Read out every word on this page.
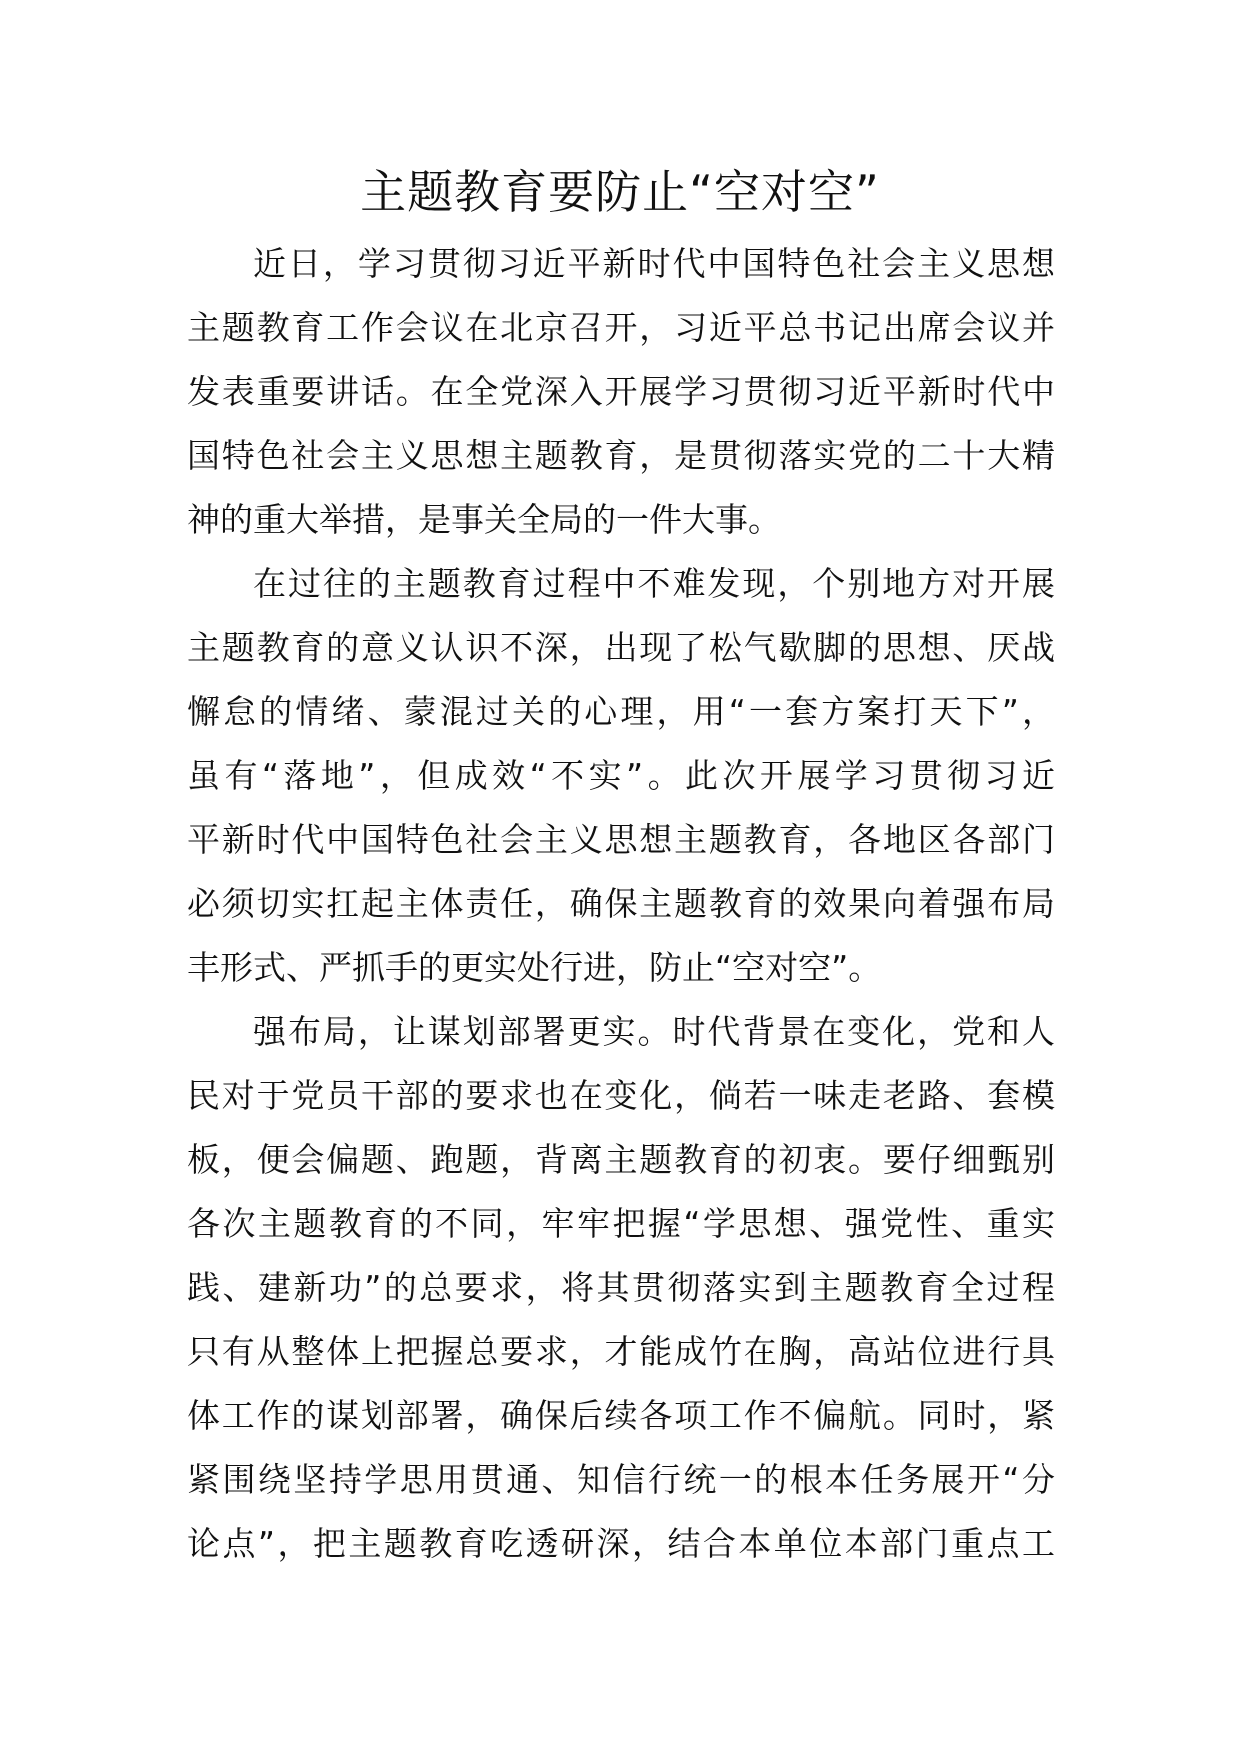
主题教育要防止“空对空”
近日，学习贯彻习近平新时代中国特色社会主义思想
主题教育工作会议在北京召开，习近平总书记出席会议并
发表重要讲话。在全党深入开展学习贯彻习近平新时代中
国特色社会主义思想主题教育，是贯彻落实党的二十大精
神的重大举措，是事关全局的一件大事。
在过往的主题教育过程中不难发现，个别地方对开展
主题教育的意义认识不深，出现了松气歇脚的思想、厌战
懈怠的情绪、蒙混过关的心理，用“一套方案打天下”，
虽有“落地”，但成效“不实”。此次开展学习贯彻习近
平新时代中国特色社会主义思想主题教育，各地区各部门
必须切实扛起主体责任，确保主题教育的效果向着强布局
丰形式、严抓手的更实处行进，防止“空对空”。
强布局，让谋划部署更实。时代背景在变化，党和人
民对于党员干部的要求也在变化，倘若一味走老路、套模
板，便会偏题、跑题，背离主题教育的初衷。要仔细甄别
各次主题教育的不同，牢牢把握“学思想、强党性、重实
践、建新功”的总要求，将其贯彻落实到主题教育全过程
只有从整体上把握总要求，才能成竹在胸，高站位进行具
体工作的谋划部署，确保后续各项工作不偏航。同时，紧
紧围绕坚持学思用贯通、知信行统一的根本任务展开“分
论点”，把主题教育吃透研深，结合本单位本部门重点工
